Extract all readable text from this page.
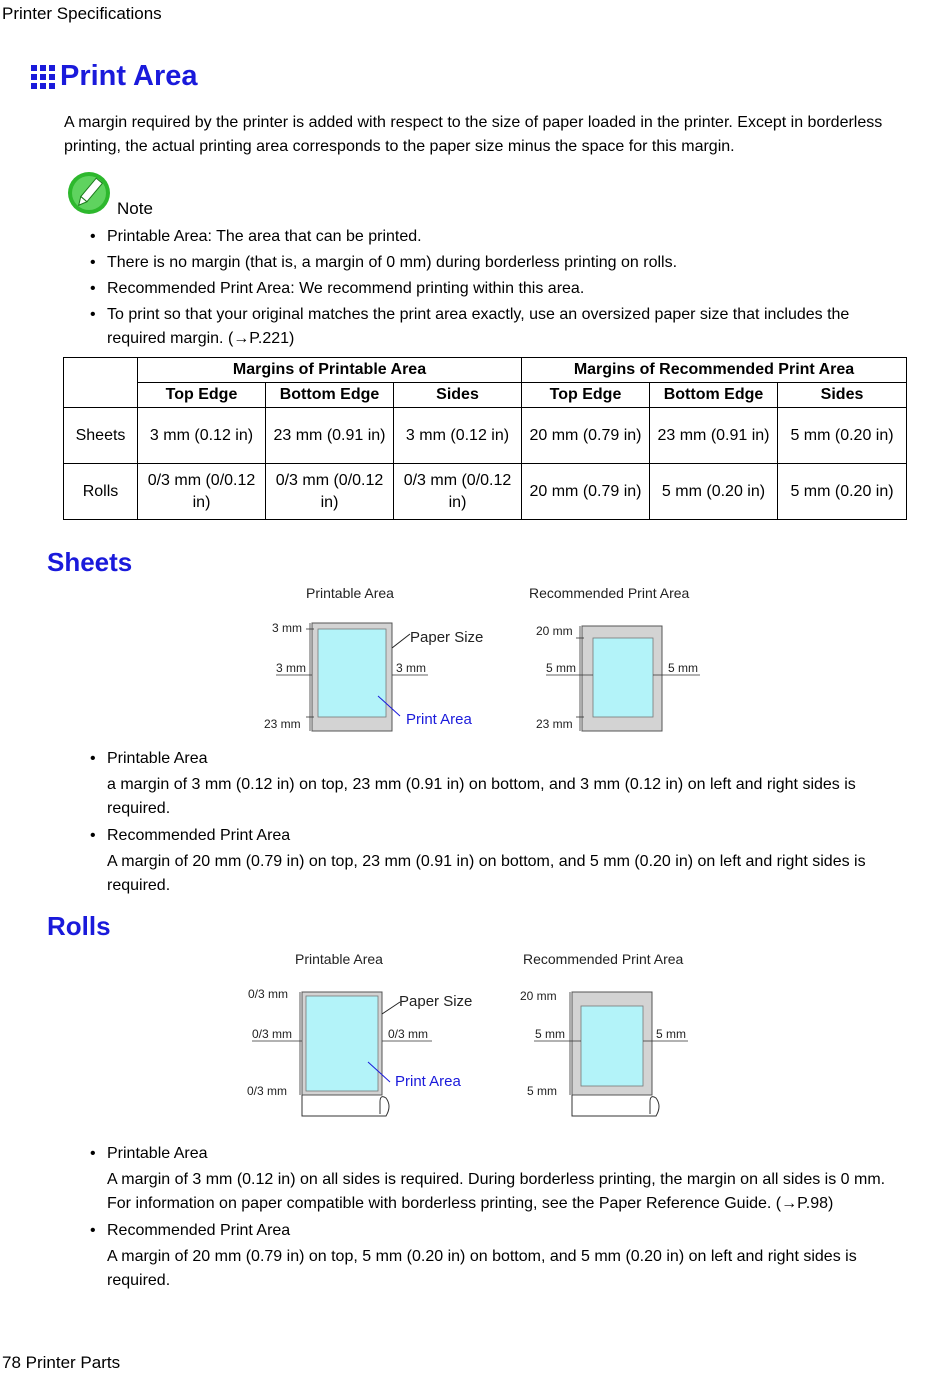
Printer Specifications
Print Area
A margin required by the printer is added with respect to the size of paper loaded in the printer. Except in borderless printing, the actual printing area corresponds to the paper size minus the space for this margin.
Note
• Printable Area: The area that can be printed.
• There is no margin (that is, a margin of 0 mm) during borderless printing on rolls.
• Recommended Print Area: We recommend printing within this area.
• To print so that your original matches the print area exactly, use an oversized paper size that includes the required margin. (→P.221)
	Margins of Printable Area			Margins of Recommended Print Area		
	Top Edge	Bottom Edge	Sides	Top Edge	Bottom Edge	Sides
Sheets	3 mm (0.12 in)	23 mm (0.91 in)	3 mm (0.12 in)	20 mm (0.79 in)	23 mm (0.91 in)	5 mm (0.20 in)
Rolls	0/3 mm (0/0.12 in)	0/3 mm (0/0.12 in)	0/3 mm (0/0.12 in)	20 mm (0.79 in)	5 mm (0.20 in)	5 mm (0.20 in)
Sheets
Printable Area	Recommended Print Area
3 mm
3 mm	3 mm
23 mm
Paper Size
Print Area
20 mm
5 mm	5 mm
23 mm
• Printable Area
a margin of 3 mm (0.12 in) on top, 23 mm (0.91 in) on bottom, and 3 mm (0.12 in) on left and right sides is required.
• Recommended Print Area
A margin of 20 mm (0.79 in) on top, 23 mm (0.91 in) on bottom, and 5 mm (0.20 in) on left and right sides is required.
Rolls
Printable Area	Recommended Print Area
0/3 mm
0/3 mm	0/3 mm
0/3 mm
Paper Size
Print Area
20 mm
5 mm	5 mm
5 mm
• Printable Area
A margin of 3 mm (0.12 in) on all sides is required. During borderless printing, the margin on all sides is 0 mm. For information on paper compatible with borderless printing, see the Paper Reference Guide. (→P.98)
• Recommended Print Area
A margin of 20 mm (0.79 in) on top, 5 mm (0.20 in) on bottom, and 5 mm (0.20 in) on left and right sides is required.
78 Printer Parts
